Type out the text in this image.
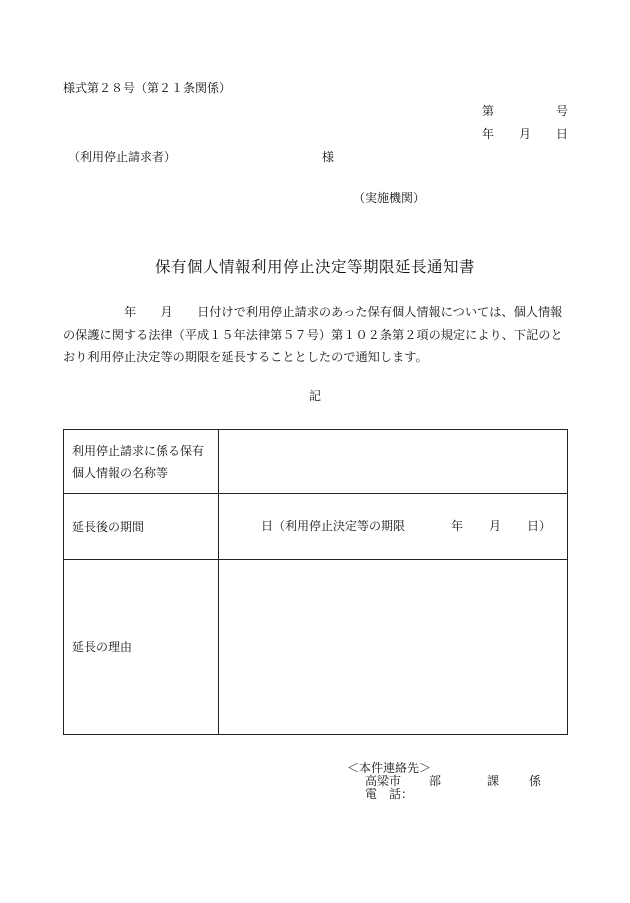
様式第２８号（第２１条関係）
第	号
年 月 日
（利用停止請求者）	様
（実施機関）
保有個人情報利用停止決定等期限延長通知書
　　　　　年　　 月　　 日付けで利用停止請求のあった保有個人情報については、個人情報の保護に関する法律（平成１５年法律第５７号）第１０２条第２項の規定により、下記のとおり利用停止決定等の期限を延長することとしたので通知します。
記
利用停止請求に係る保有個人情報の名称等	
延長後の期間	日（利用停止決定等の期限 年 月 日）

延長の理由	
＜本件連絡先＞
高梁市	部	課	係
電　話：
